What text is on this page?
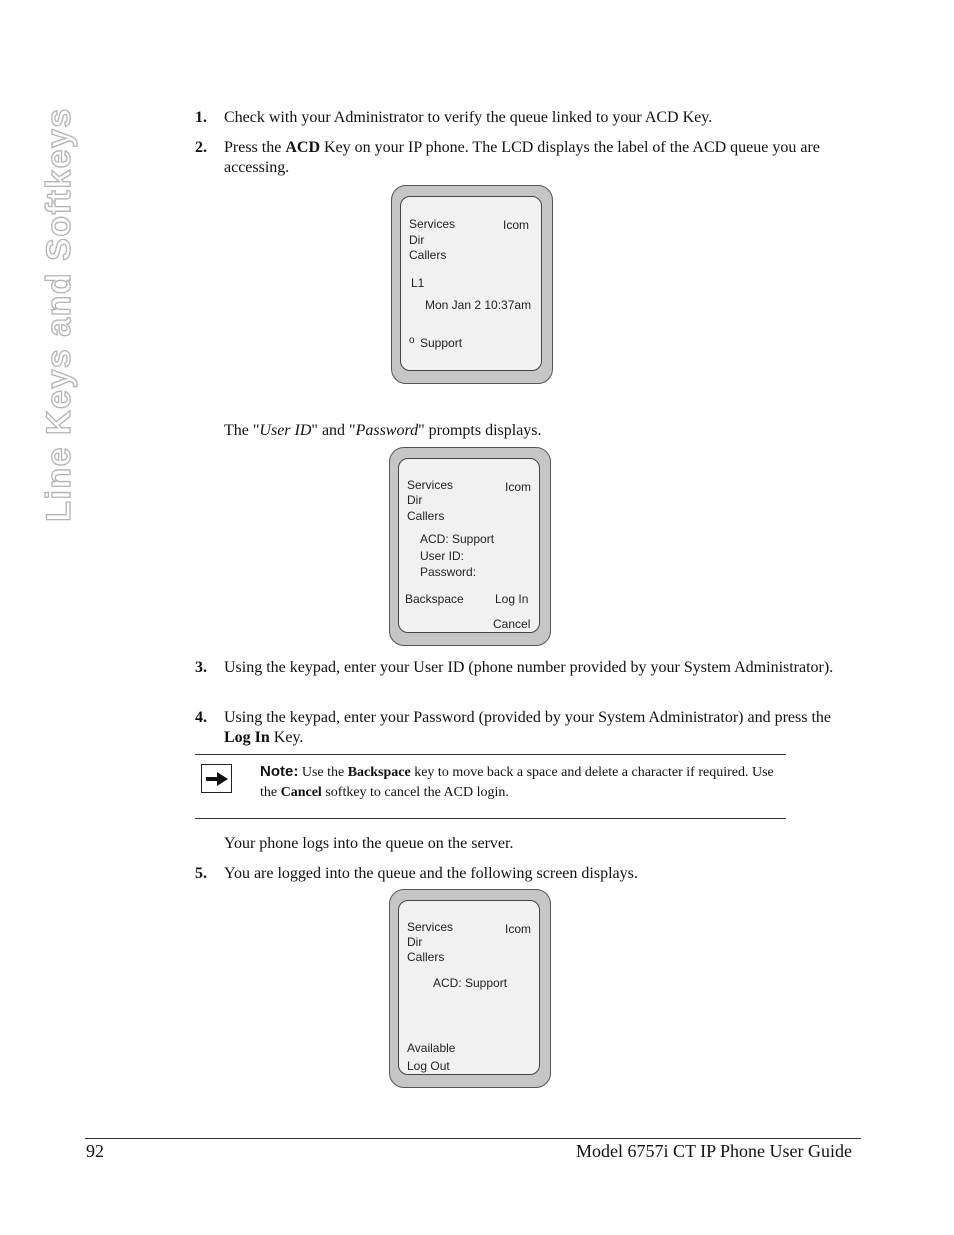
Line Keys and Softkeys	1. Check with your Administrator to verify the queue linked to your ACD Key.
2. Press the ACD Key on your IP phone. The LCD displays the label of the ACD queue you are accessing.
Services	Icom
Dir
Callers
L1
Mon Jan 2 10:37am
o Support
The "User ID" and "Password" prompts displays.
Services	Icom
Dir
Callers
ACD: Support
User ID:
Password:
Backspace	Log In
Cancel
3. Using the keypad, enter your User ID (phone number provided by your System Administrator).
4. Using the keypad, enter your Password (provided by your System Administrator) and press the Log In Key.
Note: Use the Backspace key to move back a space and delete a character if required. Use the Cancel softkey to cancel the ACD login.
Your phone logs into the queue on the server.
5. You are logged into the queue and the following screen displays.
Services	Icom
Dir
Callers
ACD: Support
Available
Log Out
92	Model 6757i CT IP Phone User Guide
